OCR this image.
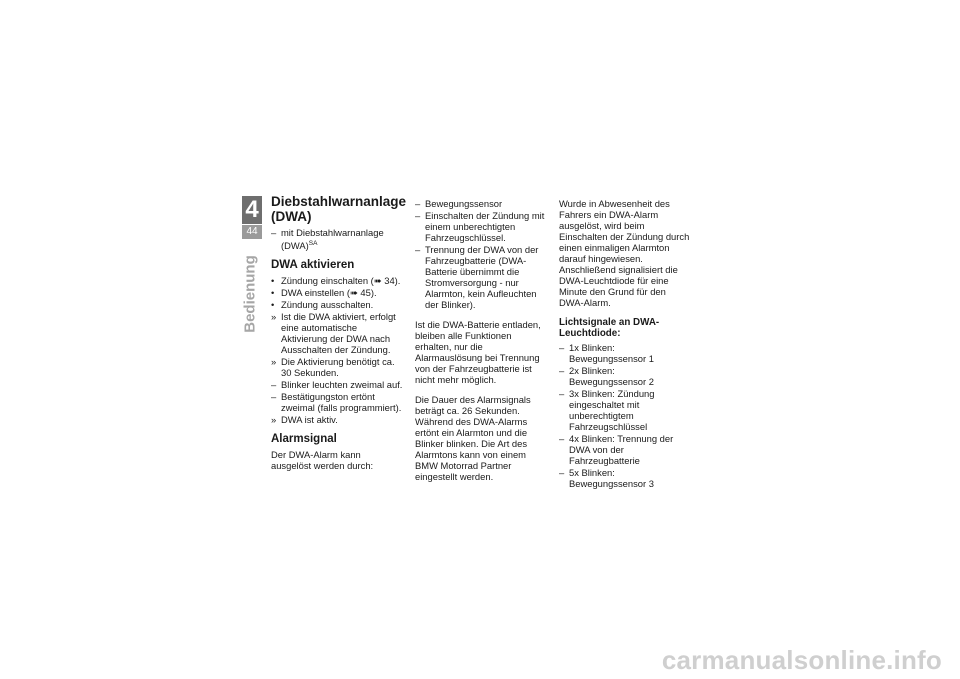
4
44
Bedienung
Diebstahlwarnanlage (DWA)
– mit Diebstahlwarnanlage (DWA)$^{SA}$
DWA aktivieren
• Zündung einschalten (➠ 34).
• DWA einstellen (➠ 45).
• Zündung ausschalten.
» Ist die DWA aktiviert, erfolgt eine automatische Aktivierung der DWA nach Ausschalten der Zündung.
» Die Aktivierung benötigt ca. 30 Sekunden.
– Blinker leuchten zweimal auf.
– Bestätigungston ertönt zweimal (falls programmiert).
» DWA ist aktiv.
Alarmsignal

Der DWA-Alarm kann ausgelöst werden durch:

– Bewegungssensor
– Einschalten der Zündung mit einem unberechtigten Fahrzeugschlüssel.
– Trennung der DWA von der Fahrzeugbatterie (DWA-Batterie übernimmt die Stromversorgung - nur Alarmton, kein Aufleuchten der Blinker).

Ist die DWA-Batterie entladen, bleiben alle Funktionen erhalten, nur die Alarmauslösung bei Trennung von der Fahrzeugbatterie ist nicht mehr möglich.

Die Dauer des Alarmsignals beträgt ca. 26 Sekunden. Während des DWA-Alarms ertönt ein Alarmton und die Blinker blinken. Die Art des Alarmtons kann von einem BMW Motorrad Partner eingestellt werden.

Wurde in Abwesenheit des Fahrers ein DWA-Alarm ausgelöst, wird beim Einschalten der Zündung durch einen einmaligen Alarmton darauf hingewiesen. Anschließend signalisiert die DWA-Leuchtdiode für eine Minute den Grund für den DWA-Alarm.

Lichtsignale an DWA-Leuchtdiode:
– 1x Blinken: Bewegungssensor 1
– 2x Blinken: Bewegungssensor 2
– 3x Blinken: Zündung eingeschaltet mit unberechtigtem Fahrzeugschlüssel
– 4x Blinken: Trennung der DWA von der Fahrzeugbatterie
– 5x Blinken: Bewegungssensor 3
carmanualsonline.info
